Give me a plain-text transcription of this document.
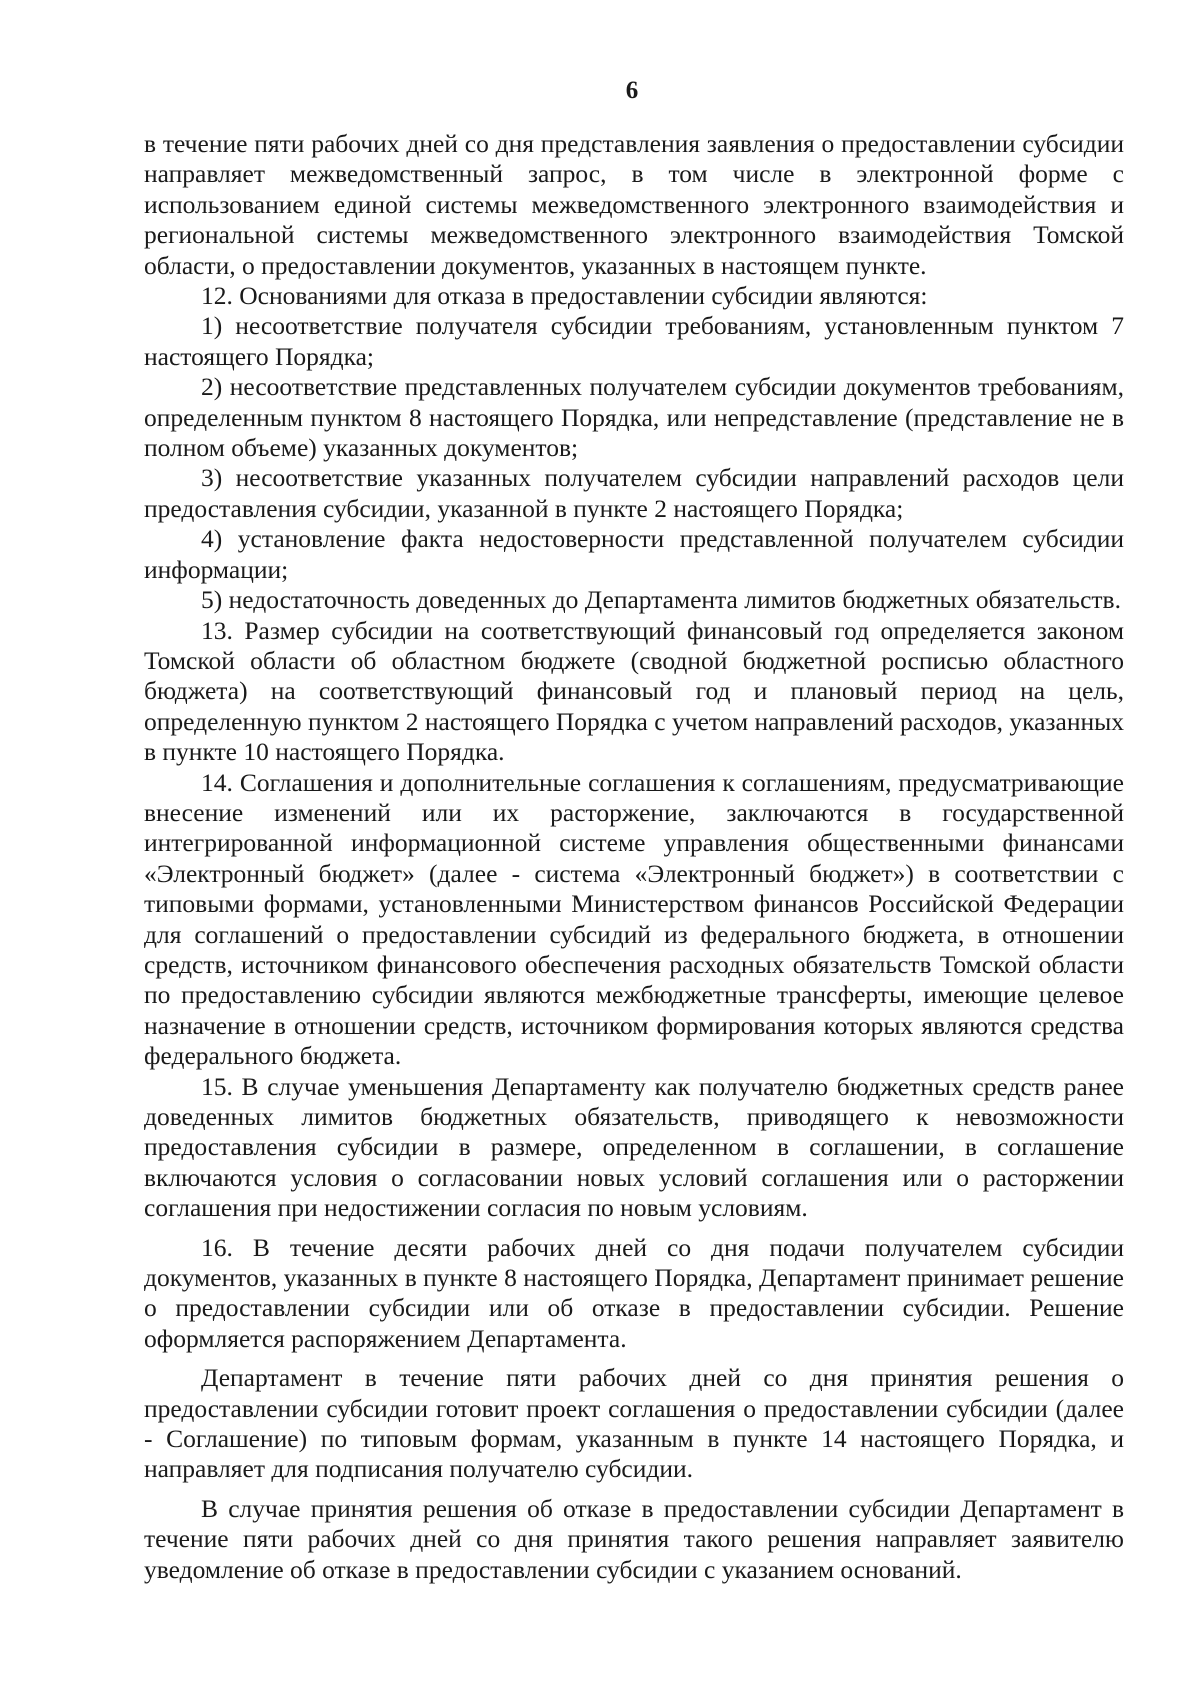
6

в течение пяти рабочих дней со дня представления заявления о предоставлении субсидии направляет межведомственный запрос, в том числе в электронной форме с использованием единой системы межведомственного электронного взаимодействия и региональной системы межведомственного электронного взаимодействия Томской области, о предоставлении документов, указанных в настоящем пункте.

12. Основаниями для отказа в предоставлении субсидии являются:

1) несоответствие получателя субсидии требованиям, установленным пунктом 7 настоящего Порядка;

2) несоответствие представленных получателем субсидии документов требованиям, определенным пунктом 8 настоящего Порядка, или непредставление (представление не в полном объеме) указанных документов;

3) несоответствие указанных получателем субсидии направлений расходов цели предоставления субсидии, указанной в пункте 2 настоящего Порядка;

4) установление факта недостоверности представленной получателем субсидии информации;

5) недостаточность доведенных до Департамента лимитов бюджетных обязательств.

13. Размер субсидии на соответствующий финансовый год определяется законом Томской области об областном бюджете (сводной бюджетной росписью областного бюджета) на соответствующий финансовый год и плановый период на цель, определенную пунктом 2 настоящего Порядка с учетом направлений расходов, указанных в пункте 10 настоящего Порядка.

14. Соглашения и дополнительные соглашения к соглашениям, предусматривающие внесение изменений или их расторжение, заключаются в государственной интегрированной информационной системе управления общественными финансами «Электронный бюджет» (далее - система «Электронный бюджет») в соответствии с типовыми формами, установленными Министерством финансов Российской Федерации для соглашений о предоставлении субсидий из федерального бюджета, в отношении средств, источником финансового обеспечения расходных обязательств Томской области по предоставлению субсидии являются межбюджетные трансферты, имеющие целевое назначение в отношении средств, источником формирования которых являются средства федерального бюджета.

15. В случае уменьшения Департаменту как получателю бюджетных средств ранее доведенных лимитов бюджетных обязательств, приводящего к невозможности предоставления субсидии в размере, определенном в соглашении, в соглашение включаются условия о согласовании новых условий соглашения или о расторжении соглашения при недостижении согласия по новым условиям.

16. В течение десяти рабочих дней со дня подачи получателем субсидии документов, указанных в пункте 8 настоящего Порядка, Департамент принимает решение о предоставлении субсидии или об отказе в предоставлении субсидии. Решение оформляется распоряжением Департамента.

Департамент в течение пяти рабочих дней со дня принятия решения о предоставлении субсидии готовит проект соглашения о предоставлении субсидии (далее - Соглашение) по типовым формам, указанным в пункте 14 настоящего Порядка, и направляет для подписания получателю субсидии.

В случае принятия решения об отказе в предоставлении субсидии Департамент в течение пяти рабочих дней со дня принятия такого решения направляет заявителю уведомление об отказе в предоставлении субсидии с указанием оснований.
